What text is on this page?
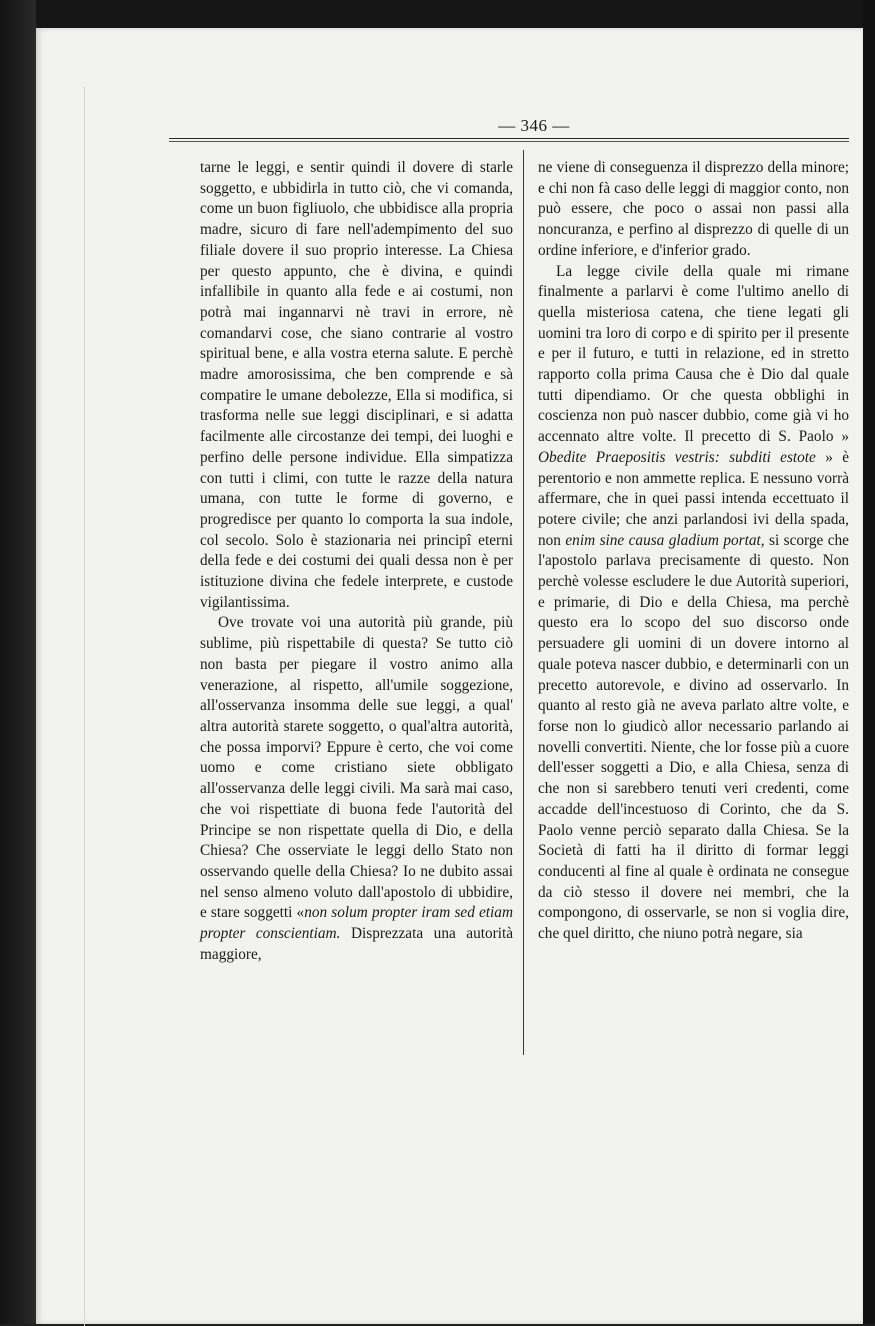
— 346 —

tarne le leggi, e sentir quindi il dovere di starle soggetto, e ubbidirla in tutto ciò, che vi comanda, come un buon figliuolo, che ubbidisce alla propria madre, sicuro di fare nell'adempimento del suo filiale dovere il suo proprio interesse. La Chiesa per questo appunto, che è divina, e quindi infallibile in quanto alla fede e ai costumi, non potrà mai ingannarvi nè travi in errore, nè comandarvi cose, che siano contrarie al vostro spiritual bene, e alla vostra eterna salute. E perchè madre amorosissima, che ben comprende e sà compatire le umane debolezze, Ella si modifica, si trasforma nelle sue leggi disciplinari, e si adatta facilmente alle circostanze dei tempi, dei luoghi e perfino delle persone individue. Ella simpatizza con tutti i climi, con tutte le razze della natura umana, con tutte le forme di governo, e progredisce per quanto lo comporta la sua indole, col secolo. Solo è stazionaria nei principî eterni della fede e dei costumi dei quali dessa non è per istituzione divina che fedele interprete, e custode vigilantissima.

Ove trovate voi una autorità più grande, più sublime, più rispettabile di questa? Se tutto ciò non basta per piegare il vostro animo alla venerazione, al rispetto, all'umile soggezione, all'osservanza insomma delle sue leggi, a qual' altra autorità starete soggetto, o qual'altra autorità, che possa imporvi? Eppure è certo, che voi come uomo e come cristiano siete obbligato all'osservanza delle leggi civili. Ma sarà mai caso, che voi rispettiate di buona fede l'autorità del Principe se non rispettate quella di Dio, e della Chiesa? Che osserviate le leggi dello Stato non osservando quelle della Chiesa? Io ne dubito assai nel senso almeno voluto dall'apostolo di ubbidire, e stare soggetti «non solum propter iram sed etiam propter conscientiam. Disprezzata una autorità maggiore,

ne viene di conseguenza il disprezzo della minore; e chi non fà caso delle leggi di maggior conto, non può essere, che poco o assai non passi alla noncuranza, e perfino al disprezzo di quelle di un ordine inferiore, e d'inferior grado.

La legge civile della quale mi rimane finalmente a parlarvi è come l'ultimo anello di quella misteriosa catena, che tiene legati gli uomini tra loro di corpo e di spirito per il presente e per il futuro, e tutti in relazione, ed in stretto rapporto colla prima Causa che è Dio dal quale tutti dipendiamo. Or che questa obblighi in coscienza non può nascer dubbio, come già vi ho accennato altre volte. Il precetto di S. Paolo » Obedite Praepositis vestris: subditi estote » è perentorio e non ammette replica. E nessuno vorrà affermare, che in quei passi intenda eccettuato il potere civile; che anzi parlandosi ivi della spada, non enim sine causa gladium portat, si scorge che l'apostolo parlava precisamente di questo. Non perchè volesse escludere le due Autorità superiori, e primarie, di Dio e della Chiesa, ma perchè questo era lo scopo del suo discorso onde persuadere gli uomini di un dovere intorno al quale poteva nascer dubbio, e determinarli con un precetto autorevole, e divino ad osservarlo. In quanto al resto già ne aveva parlato altre volte, e forse non lo giudicò allor necessario parlando ai novelli convertiti. Niente, che lor fosse più a cuore dell'esser soggetti a Dio, e alla Chiesa, senza di che non si sarebbero tenuti veri credenti, come accadde dell'incestuoso di Corinto, che da S. Paolo venne perciò separato dalla Chiesa. Se la Società di fatti ha il diritto di formar leggi conducenti al fine al quale è ordinata ne consegue da ciò stesso il dovere nei membri, che la compongono, di osservarle, se non si voglia dire, che quel diritto, che niuno potrà negare, sia
